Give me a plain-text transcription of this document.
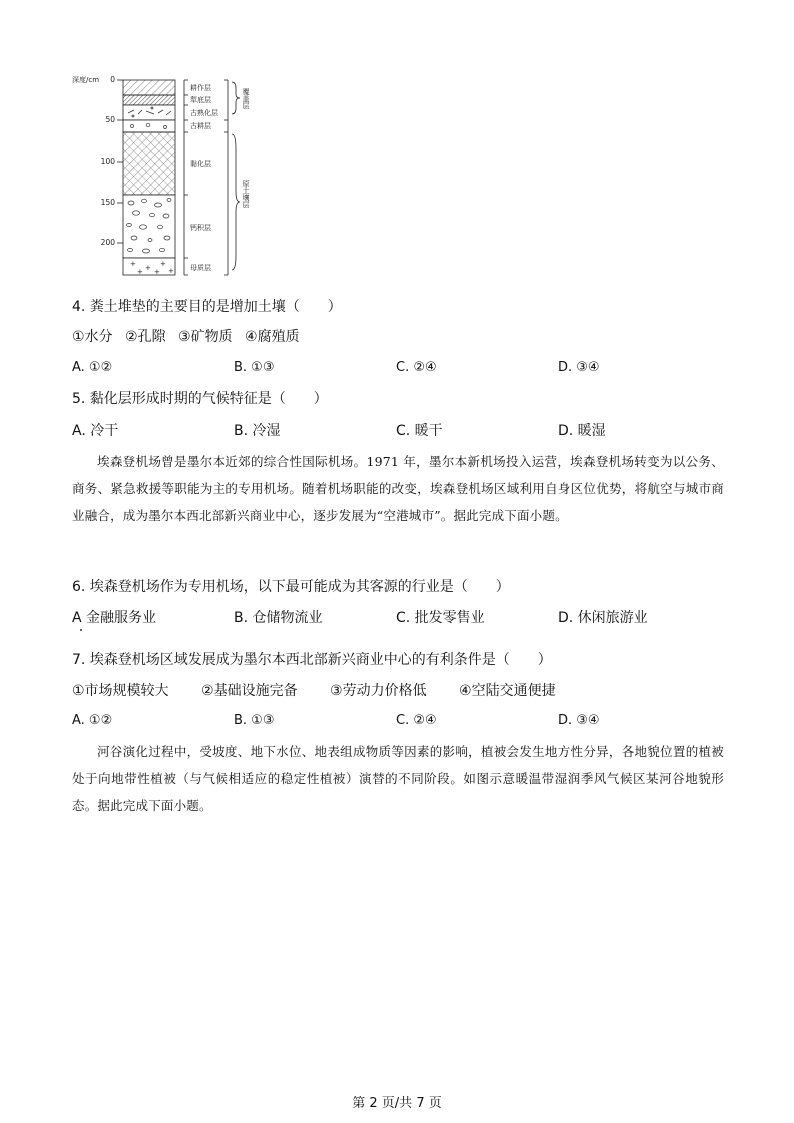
深度/cm 0
50
100
150
200
+ + +
+ + +
耕作层
犁底层
古熟化层
古耕层
黏化层
钙积层
母质层
覆盖层
原土壤层
4. 粪土堆垫的主要目的是增加土壤（　　）
①水分 ②孔隙 ③矿物质 ④腐殖质
A. ①②	B. ①③	C. ②④	D. ③④
5. 黏化层形成时期的气候特征是（　　）
A. 冷干	B. 冷湿	C. 暖干	D. 暖湿

埃森登机场曾是墨尔本近郊的综合性国际机场。1971 年，墨尔本新机场投入运营，埃森登机场转变为以公务、商务、紧急救援等职能为主的专用机场。随着机场职能的改变，埃森登机场区域利用自身区位优势，将航空与城市商业融合，成为墨尔本西北部新兴商业中心，逐步发展为“空港城市”。据此完成下面小题。

6. 埃森登机场作为专用机场，以下最可能成为其客源的行业是（　　）
A 金融服务业	B. 仓储物流业	C. 批发零售业	D. 休闲旅游业
7. 埃森登机场区域发展成为墨尔本西北部新兴商业中心的有利条件是（　　）
①市场规模较大 ②基础设施完备 ③劳动力价格低 ④空陆交通便捷
A. ①②	B. ①③	C. ②④	D. ③④

河谷演化过程中，受坡度、地下水位、地表组成物质等因素的影响，植被会发生地方性分异，各地貌位置的植被处于向地带性植被（与气候相适应的稳定性植被）演替的不同阶段。如图示意暖温带湿润季风气候区某河谷地貌形态。据此完成下面小题。

第 2 页/共 7 页
